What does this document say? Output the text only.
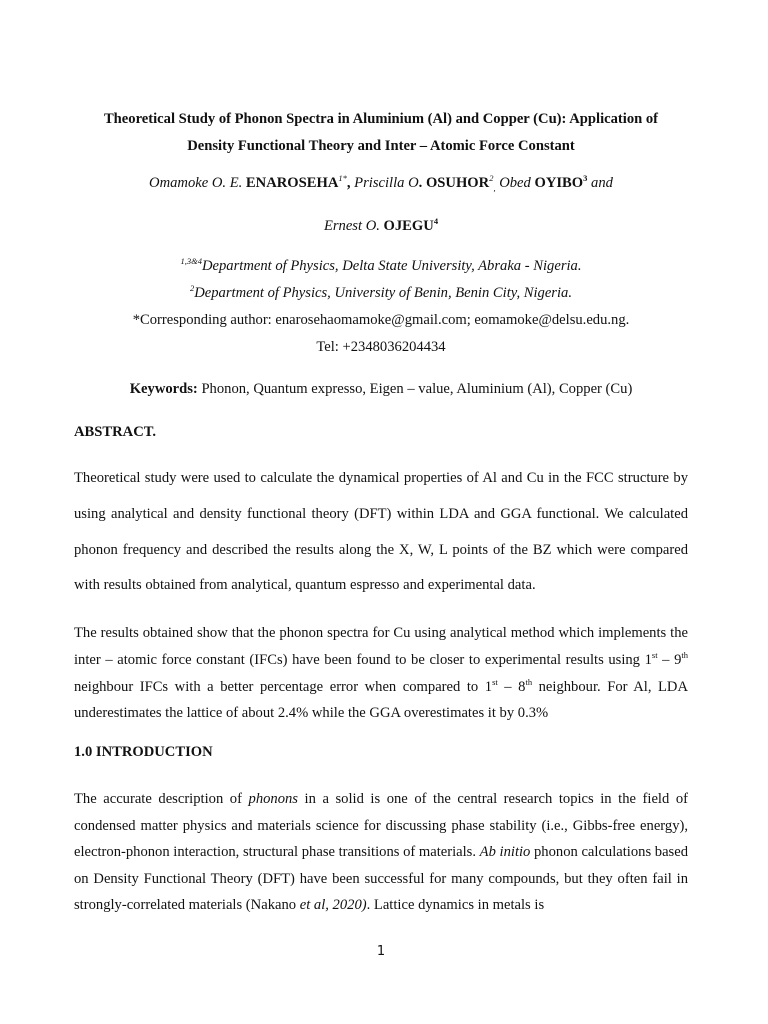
Theoretical Study of Phonon Spectra in Aluminium (Al) and Copper (Cu): Application of
Density Functional Theory and Inter – Atomic Force Constant
Omamoke O. E. $ENAROSEHA^{1*}$, Priscilla O. $OSUHOR^2_,$ Obed OYIBO$^3$ and
Ernest O. OJEGU$^4$
$^{1,3\&4}$Department of Physics, Delta State University, Abraka - Nigeria.
$^2$Department of Physics, University of Benin, Benin City, Nigeria.
*Corresponding author: enarosehaomamoke@gmail.com; eomamoke@delsu.edu.ng.
Tel: +2348036204434
Keywords: Phonon, Quantum expresso, Eigen – value, Aluminium (Al), Copper (Cu)
ABSTRACT.
Theoretical study were used to calculate the dynamical properties of Al and Cu in the FCC structure by using analytical and density functional theory (DFT) within LDA and GGA functional. We calculated phonon frequency and described the results along the X, W, L points of the BZ which were compared with results obtained from analytical, quantum espresso and experimental data.
The results obtained show that the phonon spectra for Cu using analytical method which implements the inter – atomic force constant (IFCs) have been found to be closer to experimental results using 1st – 9th neighbour IFCs with a better percentage error when compared to 1st – 8th neighbour. For Al, LDA underestimates the lattice of about 2.4% while the GGA overestimates it by 0.3%
1.0 INTRODUCTION
The accurate description of phonons in a solid is one of the central research topics in the field of condensed matter physics and materials science for discussing phase stability (i.e., Gibbs-free energy), electron-phonon interaction, structural phase transitions of materials. Ab initio phonon calculations based on Density Functional Theory (DFT) have been successful for many compounds, but they often fail in strongly-correlated materials (Nakano et al, 2020). Lattice dynamics in metals is
1
